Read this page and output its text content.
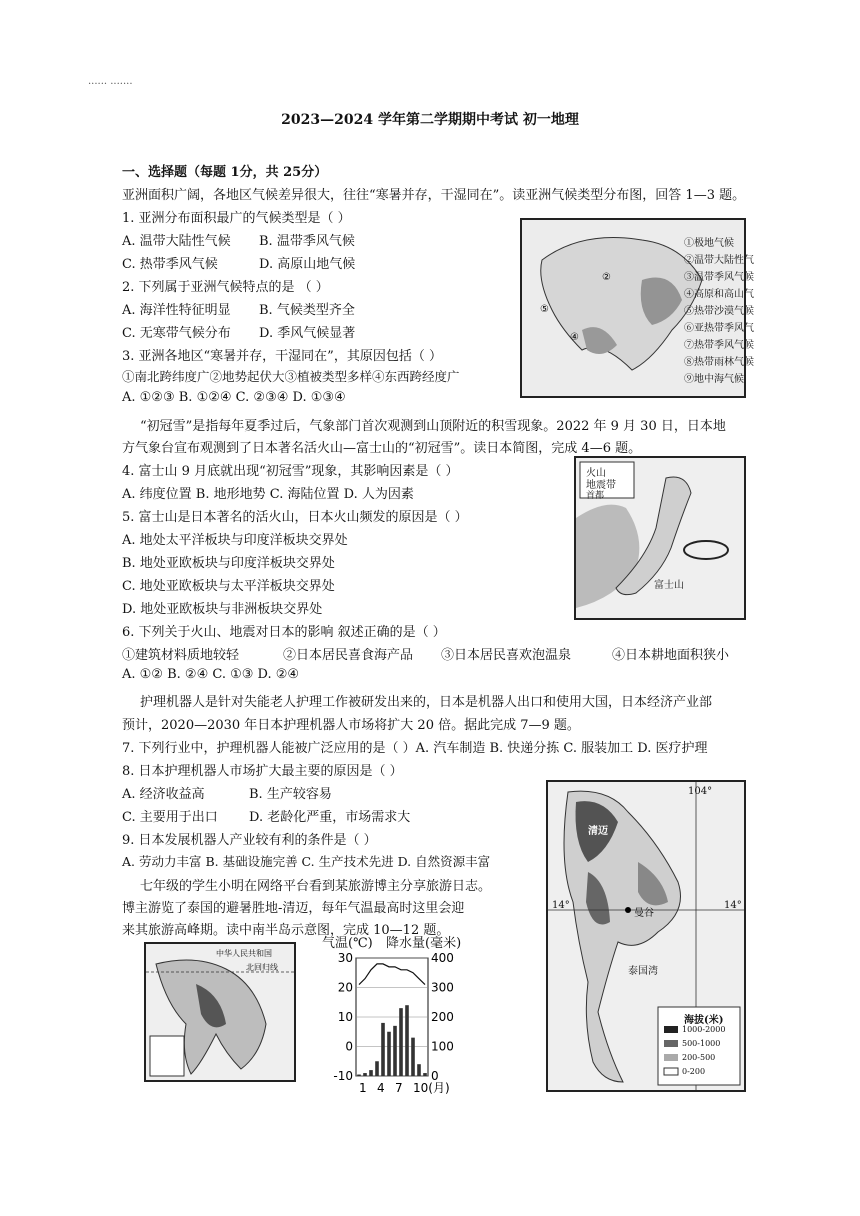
...... .......
2023—2024 学年第二学期期中考试 初一地理
一、选择题（每题 1分，共 25分）
亚洲面积广阔，各地区气候差异很大，往往“寒暑并存，干湿同在”。读亚洲气候类型分布图，回答 1—3 题。
1. 亚洲分布面积最广的气候类型是（ ）
A. 温带大陆性气候 B. 温带季风气候
C. 热带季风气候	D. 高原山地气候
2. 下列属于亚洲气候特点的是 （ ）
A. 海洋性特征明显 B. 气候类型齐全
C. 无寒带气候分布 D. 季风气候显著
3. 亚洲各地区“寒暑并存，干湿同在”，其原因包括（ ）
①南北跨纬度广②地势起伏大③植被类型多样④东西跨经度广
A. ①②③ B. ①②④ C. ②③④ D. ①③④
②
⑤
④
①极地气候
②温带大陆性气
③温带季风气候
④高原和高山气
⑤热带沙漠气候
⑥亚热带季风气
⑦热带季风气候
⑧热带雨林气候
⑨地中海气候
“初冠雪”是指每年夏季过后，气象部门首次观测到山顶附近的积雪现象。2022 年 9 月 30 日，日本地
方气象台宣布观测到了日本著名活火山—富士山的“初冠雪”。读日本简图，完成 4—6 题。
4. 富士山 9 月底就出现“初冠雪”现象，其影响因素是（ ）
A. 纬度位置 B. 地形地势 C. 海陆位置 D. 人为因素
5. 富士山是日本著名的活火山，日本火山频发的原因是（ ）
A. 地处太平洋板块与印度洋板块交界处
B. 地处亚欧板块与印度洋板块交界处
C. 地处亚欧板块与太平洋板块交界处
D. 地处亚欧板块与非洲板块交界处
6. 下列关于火山、地震对日本的影响 叙述正确的是（ ）
①建筑材料质地较轻	②日本居民喜食海产品 ③日本居民喜欢泡温泉	④日本耕地面积狭小
A. ①② B. ②④ C. ①③ D. ②④
火山
地震带
首都
富士山
护理机器人是针对失能老人护理工作被研发出来的，日本是机器人出口和使用大国，日本经济产业部
预计，2020—2030 年日本护理机器人市场将扩大 20 倍。据此完成 7—9 题。
7. 下列行业中，护理机器人能被广泛应用的是（ ）A. 汽车制造 B. 快递分拣 C. 服装加工 D. 医疗护理
8. 日本护理机器人市场扩大最主要的原因是（ ）
A. 经济收益高	B. 生产较容易
C. 主要用于出口 D. 老龄化严重，市场需求大
9. 日本发展机器人产业较有利的条件是（ ）
A. 劳动力丰富 B. 基础设施完善 C. 生产技术先进 D. 自然资源丰富
七年级的学生小明在网络平台看到某旅游博主分享旅游日志。
博主游览了泰国的避暑胜地-清迈，每年气温最高时这里会迎
来其旅游高峰期。读中南半岛示意图，完成 10—12 题。
104°
14°	14°
清迈
曼谷
泰国湾
海拔(米)
1000-2000
500-1000
200-500
0-200
中华人民共和国
北回归线
气温(℃) 降水量(毫米)
30	400
20	300
10	200
0	100
-10	0
1 4 7 10(月)
